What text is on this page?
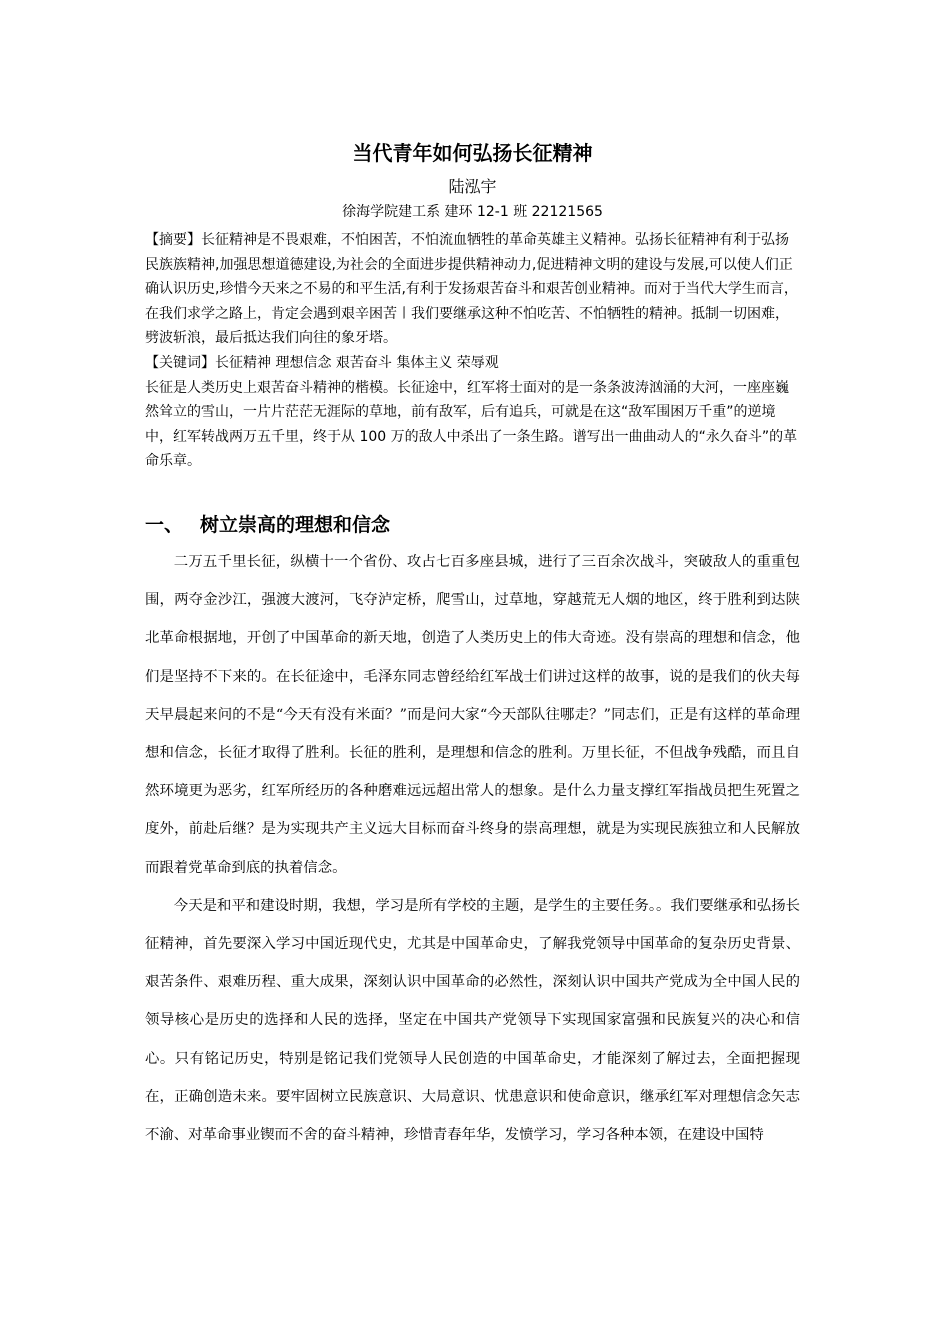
当代青年如何弘扬长征精神
陆泓宇
徐海学院建工系 建环 12-1 班 22121565

【摘要】长征精神是不畏艰难，不怕困苦，不怕流血牺牲的革命英雄主义精神。弘扬长征精神有利于弘扬民族族精神,加强思想道德建设,为社会的全面进步提供精神动力,促进精神文明的建设与发展,可以使人们正确认识历史,珍惜今天来之不易的和平生活,有利于发扬艰苦奋斗和艰苦创业精神。而对于当代大学生而言，在我们求学之路上，肯定会遇到艰辛困苦〡我们要继承这种不怕吃苦、不怕牺牲的精神。抵制一切困难，劈波斩浪，最后抵达我们向往的象牙塔。

【关键词】长征精神 理想信念 艰苦奋斗 集体主义 荣辱观

长征是人类历史上艰苦奋斗精神的楷模。长征途中，红军将士面对的是一条条波涛汹涌的大河，一座座巍然耸立的雪山，一片片茫茫无涯际的草地，前有敌军，后有追兵，可就是在这“敌军围困万千重”的逆境中，红军转战两万五千里，终于从 100 万的敌人中杀出了一条生路。谱写出一曲曲动人的“永久奋斗”的革命乐章。

一、 树立崇高的理想和信念

二万五千里长征，纵横十一个省份、攻占七百多座县城，进行了三百余次战斗，突破敌人的重重包围，两夺金沙江，强渡大渡河，飞夺泸定桥，爬雪山，过草地，穿越荒无人烟的地区，终于胜利到达陕北革命根据地，开创了中国革命的新天地，创造了人类历史上的伟大奇迹。没有崇高的理想和信念，他们是坚持不下来的。在长征途中，毛泽东同志曾经给红军战士们讲过这样的故事，说的是我们的伙夫每天早晨起来问的不是“今天有没有米面？”而是问大家“今天部队往哪走？”同志们，正是有这样的革命理想和信念，长征才取得了胜利。长征的胜利，是理想和信念的胜利。万里长征，不但战争残酷，而且自然环境更为恶劣，红军所经历的各种磨难远远超出常人的想象。是什么力量支撑红军指战员把生死置之度外，前赴后继？是为实现共产主义远大目标而奋斗终身的崇高理想，就是为实现民族独立和人民解放而跟着党革命到底的执着信念。

今天是和平和建设时期，我想，学习是所有学校的主题，是学生的主要任务。。我们要继承和弘扬长征精神，首先要深入学习中国近现代史，尤其是中国革命史，了解我党领导中国革命的复杂历史背景、艰苦条件、艰难历程、重大成果，深刻认识中国革命的必然性，深刻认识中国共产党成为全中国人民的领导核心是历史的选择和人民的选择，坚定在中国共产党领导下实现国家富强和民族复兴的决心和信心。只有铭记历史，特别是铭记我们党领导人民创造的中国革命史，才能深刻了解过去，全面把握现在，正确创造未来。要牢固树立民族意识、大局意识、忧患意识和使命意识，继承红军对理想信念矢志不渝、对革命事业锲而不舍的奋斗精神，珍惜青春年华，发愤学习，学习各种本领，在建设中国特
